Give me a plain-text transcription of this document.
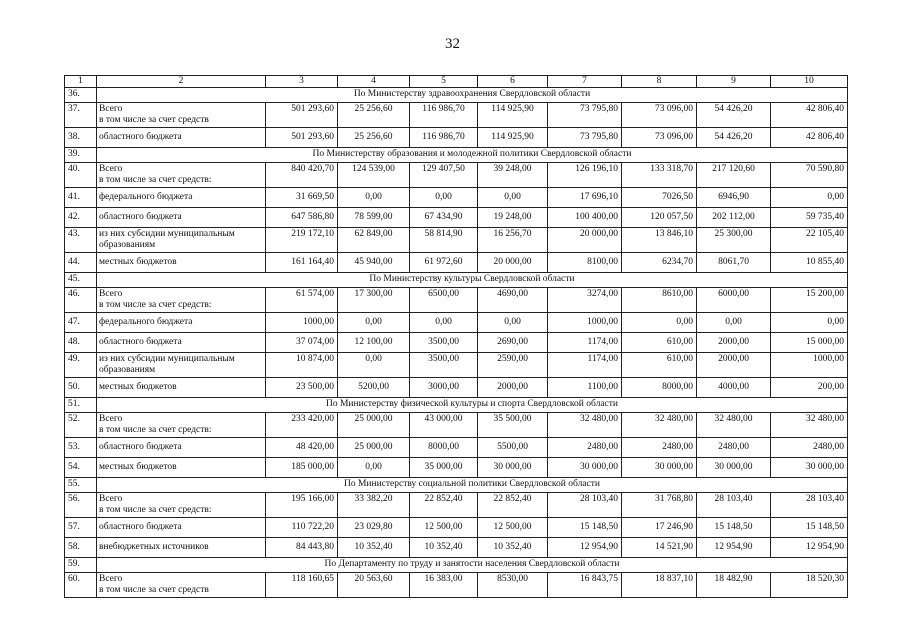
32
1	2	3	4	5	6	7	8	9	10
36.	По Министерству здравоохранения Свердловской области								
37.	Всего
в том числе за счет средств	501 293,60	25 256,60	116 986,70	114 925,90	73 795,80	73 096,00	54 426,20	42 806,40
38.	областного бюджета	501 293,60	25 256,60	116 986,70	114 925,90	73 795,80	73 096,00	54 426,20	42 806,40
39.	По Министерству образования и молодежной политики Свердловской области								
40.	Всего
в том числе за счет средств:	840 420,70	124 539,00	129 407,50	39 248,00	126 196,10	133 318,70	217 120,60	70 590,80
41.	федерального бюджета	31 669,50	0,00	0,00	0,00	17 696,10	7026,50	6946,90	0,00
42.	областного бюджета	647 586,80	78 599,00	67 434,90	19 248,00	100 400,00	120 057,50	202 112,00	59 735,40
43.	из них субсидии муниципальным
образованиям	219 172,10	62 849,00	58 814,90	16 256,70	20 000,00	13 846,10	25 300,00	22 105,40
44.	местных бюджетов	161 164,40	45 940,00	61 972,60	20 000,00	8100,00	6234,70	8061,70	10 855,40
45.	По Министерству культуры Свердловской области								
46.	Всего
в том числе за счет средств:	61 574,00	17 300,00	6500,00	4690,00	3274,00	8610,00	6000,00	15 200,00
47.	федерального бюджета	1000,00	0,00	0,00	0,00	1000,00	0,00	0,00	0,00
48.	областного бюджета	37 074,00	12 100,00	3500,00	2690,00	1174,00	610,00	2000,00	15 000,00
49.	из них субсидии муниципальным
образованиям	10 874,00	0,00	3500,00	2590,00	1174,00	610,00	2000,00	1000,00
50.	местных бюджетов	23 500,00	5200,00	3000,00	2000,00	1100,00	8000,00	4000,00	200,00
51.	По Министерству физической культуры и спорта Свердловской области								
52.	Всего
в том числе за счет средств:	233 420,00	25 000,00	43 000,00	35 500,00	32 480,00	32 480,00	32 480,00	32 480,00
53.	областного бюджета	48 420,00	25 000,00	8000,00	5500,00	2480,00	2480,00	2480,00	2480,00
54.	местных бюджетов	185 000,00	0,00	35 000,00	30 000,00	30 000,00	30 000,00	30 000,00	30 000,00
55.	По Министерству социальной политики Свердловской области								
56.	Всего
в том числе за счет средств:	195 166,00	33 382,20	22 852,40	22 852,40	28 103,40	31 768,80	28 103,40	28 103,40
57.	областного бюджета	110 722,20	23 029,80	12 500,00	12 500,00	15 148,50	17 246,90	15 148,50	15 148,50
58.	внебюджетных источников	84 443,80	10 352,40	10 352,40	10 352,40	12 954,90	14 521,90	12 954,90	12 954,90
59.	По Департаменту по труду и занятости населения Свердловской области								
60.	Всего
в том числе за счет средств	118 160,65	20 563,60	16 383,00	8530,00	16 843,75	18 837,10	18 482,90	18 520,30
